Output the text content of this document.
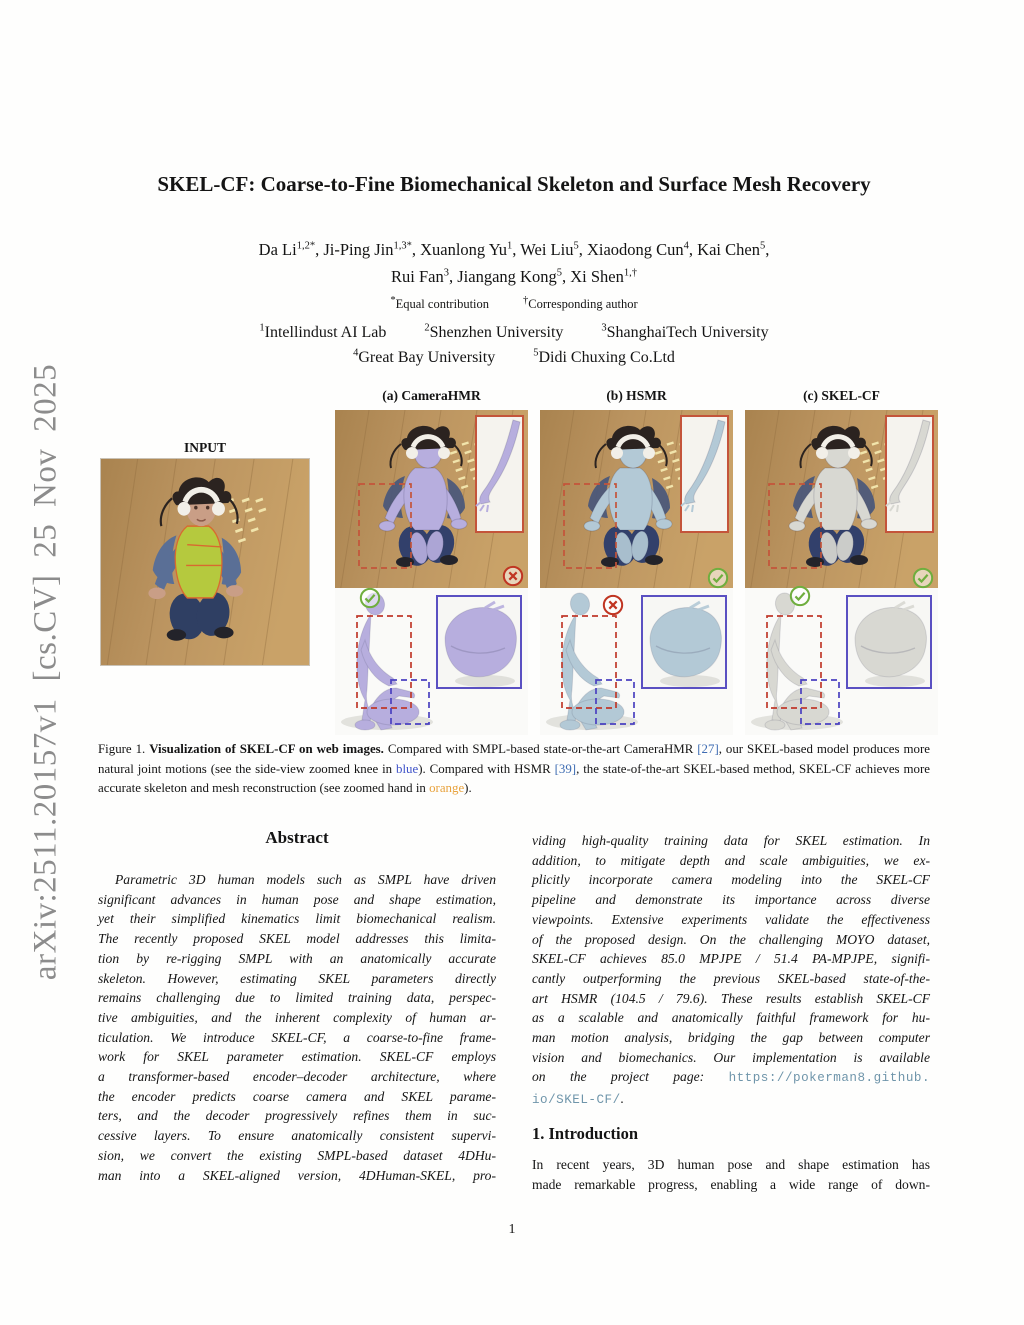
arXiv:2511.20157v1 [cs.CV] 25 Nov 2025
SKEL-CF: Coarse-to-Fine Biomechanical Skeleton and Surface Mesh Recovery
Da $Li^{1,2*}$, Ji-Ping Jin$^{1,3*}$, Xuanlong Yu$^1$, Wei Liu$^5$, Xiaodong Cun$^4$, Kai Chen$^5$,
Rui Fan$^3$, Jiangang Kong$^5$, Xi Shen$^{1,\dagger}$
*Equal contribution	†Corresponding author
$^1$Intellindust AI Lab	$^2$Shenzhen University	$^3$ShanghaiTech University
$^4$Great Bay University	$^5$Didi Chuxing Co.Ltd
INPUT
(a) CameraHMR	(b) HSMR	(c) SKEL-CF

Figure 1. Visualization of SKEL-CF on web images. Compared with SMPL-based state-or-the-art CameraHMR [27], our SKEL-based model produces more natural joint motions (see the side-view zoomed knee in blue). Compared with HSMR [39], the state-of-the-art SKEL-based method, SKEL-CF achieves more accurate skeleton and mesh reconstruction (see zoomed hand in orange).

Abstract
Parametric 3D human models such as SMPL have driven
significant advances in human pose and shape estimation,
yet their simplified kinematics limit biomechanical realism.
The recently proposed SKEL model addresses this limita-
tion by re-rigging SMPL with an anatomically accurate
skeleton. However, estimating SKEL parameters directly
remains challenging due to limited training data, perspec-
tive ambiguities, and the inherent complexity of human ar-
ticulation. We introduce SKEL-CF, a coarse-to-fine frame-
work for SKEL parameter estimation. SKEL-CF employs
a transformer-based encoder–decoder architecture, where
the encoder predicts coarse camera and SKEL parame-
ters, and the decoder progressively refines them in suc-
cessive layers. To ensure anatomically consistent supervi-
sion, we convert the existing SMPL-based dataset 4DHu-
man into a SKEL-aligned version, 4DHuman-SKEL, pro-
viding high-quality training data for SKEL estimation. In
addition, to mitigate depth and scale ambiguities, we ex-
plicitly incorporate camera modeling into the SKEL-CF
pipeline and demonstrate its importance across diverse
viewpoints. Extensive experiments validate the effectiveness
of the proposed design. On the challenging MOYO dataset,
SKEL-CF achieves 85.0 MPJPE / 51.4 PA-MPJPE, signifi-
cantly outperforming the previous SKEL-based state-of-the-
art HSMR (104.5 / 79.6). These results establish SKEL-CF
as a scalable and anatomically faithful framework for hu-
man motion analysis, bridging the gap between computer
vision and biomechanics. Our implementation is available
on the project page: https://pokerman8.github.
io/SKEL-CF/.
1. Introduction
In recent years, 3D human pose and shape estimation has
made remarkable progress, enabling a wide range of down-
1
